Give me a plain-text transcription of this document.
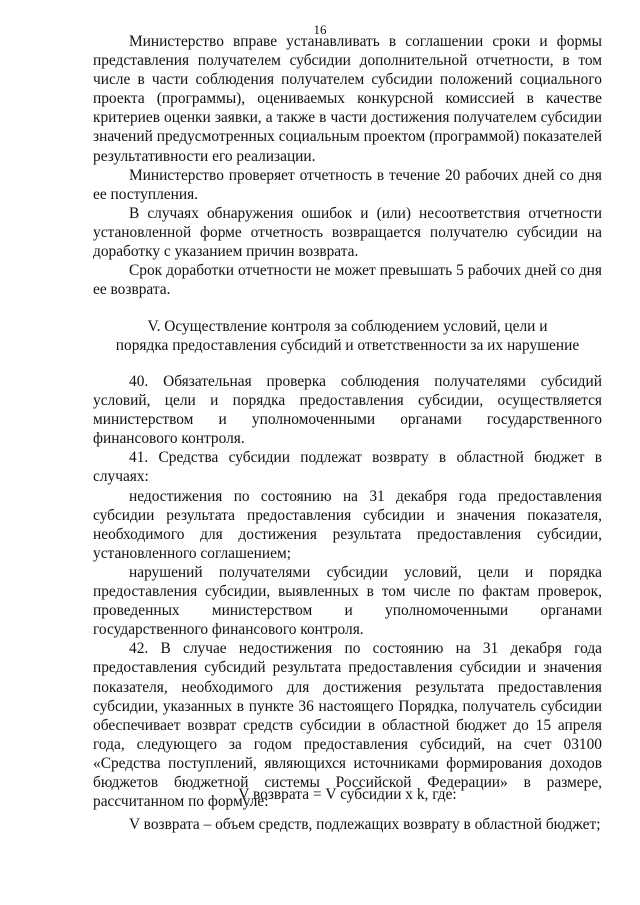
16

Министерство вправе устанавливать в соглашении сроки и формы представления получателем субсидии дополнительной отчетности, в том числе в части соблюдения получателем субсидии положений социального проекта (программы), оцениваемых конкурсной комиссией в качестве критериев оценки заявки, а также в части достижения получателем субсидии значений предусмотренных социальным проектом (программой) показателей результативности его реализации.

Министерство проверяет отчетность в течение 20 рабочих дней со дня ее поступления.

В случаях обнаружения ошибок и (или) несоответствия отчетности установленной форме отчетность возвращается получателю субсидии на доработку с указанием причин возврата.

Срок доработки отчетности не может превышать 5 рабочих дней со дня ее возврата.

V. Осуществление контроля за соблюдением условий, цели и
порядка предоставления субсидий и ответственности за их нарушение

40. Обязательная проверка соблюдения получателями субсидий условий, цели и порядка предоставления субсидии, осуществляется министерством и уполномоченными органами государственного финансового контроля.

41. Средства субсидии подлежат возврату в областной бюджет в случаях:

недостижения по состоянию на 31 декабря года предоставления субсидии результата предоставления субсидии и значения показателя, необходимого для достижения результата предоставления субсидии, установленного соглашением;

нарушений получателями субсидии условий, цели и порядка предоставления субсидии, выявленных в том числе по фактам проверок, проведенных министерством и уполномоченными органами государственного финансового контроля.

42. В случае недостижения по состоянию на 31 декабря года предоставления субсидий результата предоставления субсидии и значения показателя, необходимого для достижения результата предоставления субсидии, указанных в пункте 36 настоящего Порядка, получатель субсидии обеспечивает возврат средств субсидии в областной бюджет до 15 апреля года, следующего за годом предоставления субсидий, на счет 03100 «Средства поступлений, являющихся источниками формирования доходов бюджетов бюджетной системы Российской Федерации» в размере, рассчитанном по формуле:

V возврата = V субсидии х k, где:

V возврата – объем средств, подлежащих возврату в областной бюджет;
